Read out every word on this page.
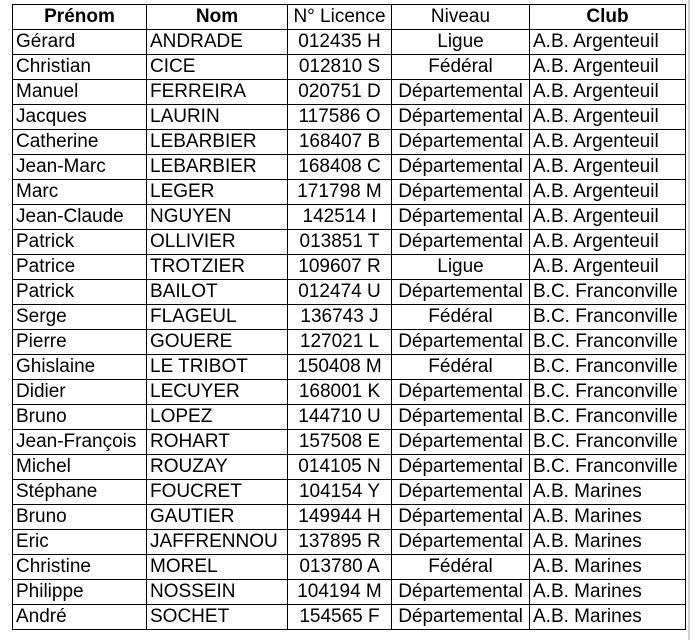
Prénom	Nom	N° Licence	Niveau	Club
Gérard	ANDRADE	012435 H	Ligue	A.B. Argenteuil
Christian	CICE	012810 S	Fédéral	A.B. Argenteuil
Manuel	FERREIRA	020751 D	Départemental	A.B. Argenteuil
Jacques	LAURIN	117586 O	Départemental	A.B. Argenteuil
Catherine	LEBARBIER	168407 B	Départemental	A.B. Argenteuil
Jean-Marc	LEBARBIER	168408 C	Départemental	A.B. Argenteuil
Marc	LEGER	171798 M	Départemental	A.B. Argenteuil
Jean-Claude	NGUYEN	142514 I	Départemental	A.B. Argenteuil
Patrick	OLLIVIER	013851 T	Départemental	A.B. Argenteuil
Patrice	TROTZIER	109607 R	Ligue	A.B. Argenteuil
Patrick	BAILOT	012474 U	Départemental	B.C. Franconville
Serge	FLAGEUL	136743 J	Fédéral	B.C. Franconville
Pierre	GOUERE	127021 L	Départemental	B.C. Franconville
Ghislaine	LE TRIBOT	150408 M	Fédéral	B.C. Franconville
Didier	LECUYER	168001 K	Départemental	B.C. Franconville
Bruno	LOPEZ	144710 U	Départemental	B.C. Franconville
Jean-François	ROHART	157508 E	Départemental	B.C. Franconville
Michel	ROUZAY	014105 N	Départemental	B.C. Franconville
Stéphane	FOUCRET	104154 Y	Départemental	A.B. Marines
Bruno	GAUTIER	149944 H	Départemental	A.B. Marines
Eric	JAFFRENNOU	137895 R	Départemental	A.B. Marines
Christine	MOREL	013780 A	Fédéral	A.B. Marines
Philippe	NOSSEIN	104194 M	Départemental	A.B. Marines
André	SOCHET	154565 F	Départemental	A.B. Marines
